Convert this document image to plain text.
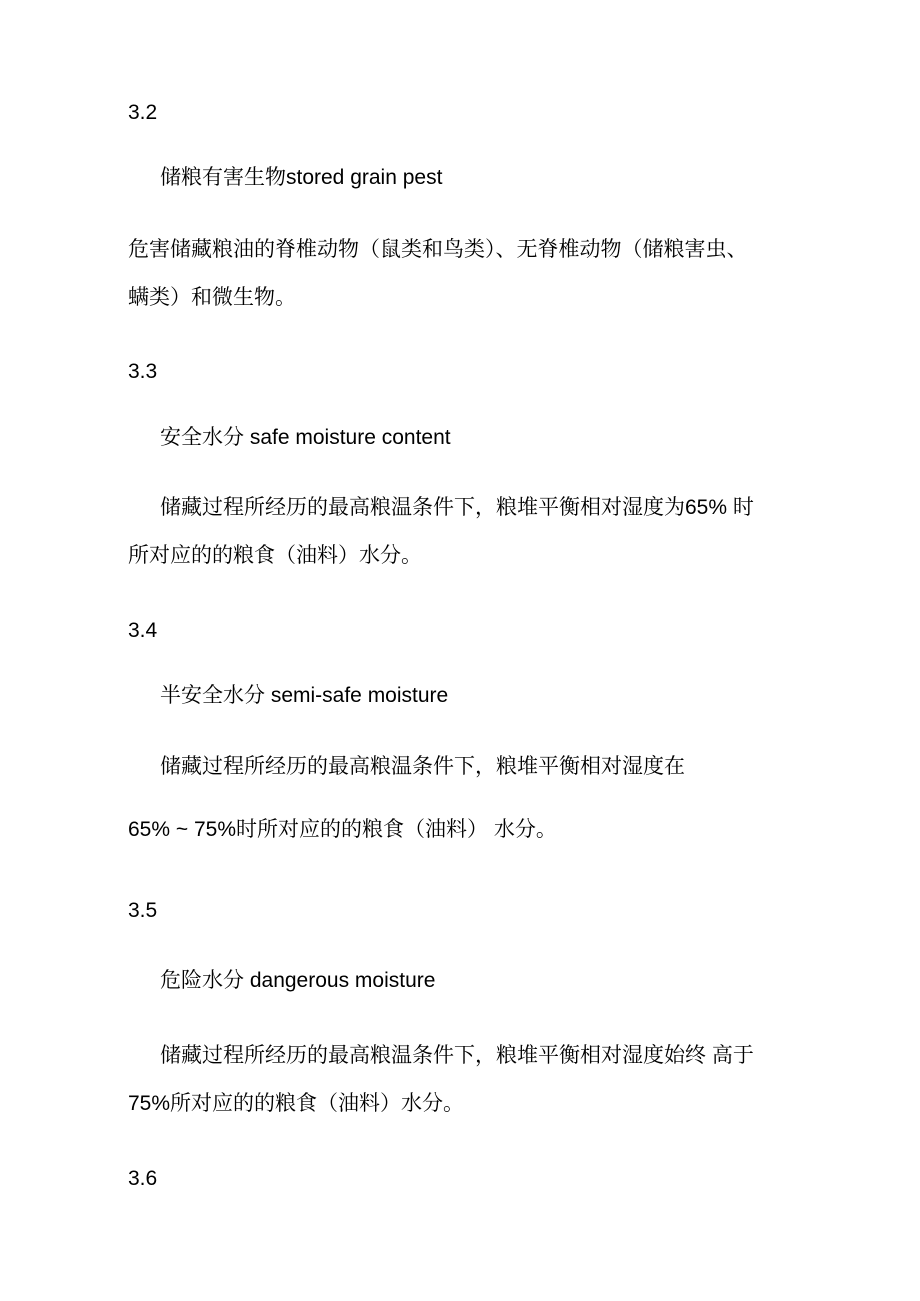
3.2
储粮有害生物stored grain pest
危害储藏粮油的脊椎动物（鼠类和鸟类）、无脊椎动物（储粮害虫、
螨类）和微生物。
3.3
安全水分 safe moisture content
储藏过程所经历的最高粮温条件下，粮堆平衡相对湿度为65% 时
所对应的的粮食（油料）水分。
3.4
半安全水分 semi-safe moisture
储藏过程所经历的最高粮温条件下，粮堆平衡相对湿度在
65% ~ 75%时所对应的的粮食（油料） 水分。
3.5
危险水分 dangerous moisture
储藏过程所经历的最高粮温条件下，粮堆平衡相对湿度始终 高于
75%所对应的的粮食（油料）水分。
3.6
